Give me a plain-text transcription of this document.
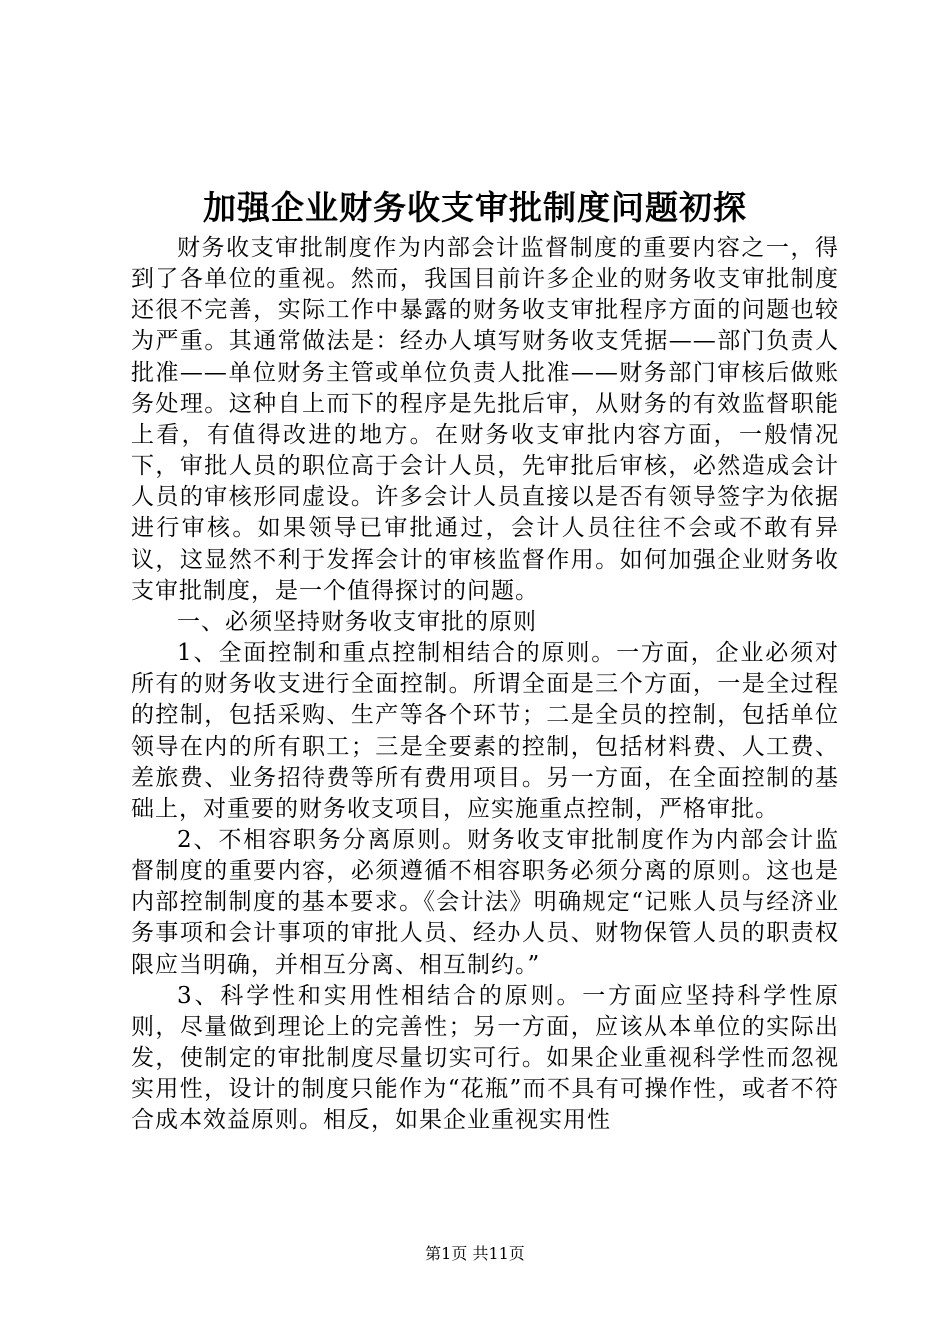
加强企业财务收支审批制度问题初探

财务收支审批制度作为内部会计监督制度的重要内容之一，得到了各单位的重视。然而，我国目前许多企业的财务收支审批制度还很不完善，实际工作中暴露的财务收支审批程序方面的问题也较为严重。其通常做法是：经办人填写财务收支凭据——部门负责人批准——单位财务主管或单位负责人批准——财务部门审核后做账务处理。这种自上而下的程序是先批后审，从财务的有效监督职能上看，有值得改进的地方。在财务收支审批内容方面，一般情况下，审批人员的职位高于会计人员，先审批后审核，必然造成会计人员的审核形同虚设。许多会计人员直接以是否有领导签字为依据进行审核。如果领导已审批通过，会计人员往往不会或不敢有异议，这显然不利于发挥会计的审核监督作用。如何加强企业财务收支审批制度，是一个值得探讨的问题。

一、必须坚持财务收支审批的原则

1、全面控制和重点控制相结合的原则。一方面，企业必须对所有的财务收支进行全面控制。所谓全面是三个方面，一是全过程的控制，包括采购、生产等各个环节；二是全员的控制，包括单位领导在内的所有职工；三是全要素的控制，包括材料费、人工费、差旅费、业务招待费等所有费用项目。另一方面，在全面控制的基础上，对重要的财务收支项目，应实施重点控制，严格审批。

2、不相容职务分离原则。财务收支审批制度作为内部会计监督制度的重要内容，必须遵循不相容职务必须分离的原则。这也是内部控制制度的基本要求。《会计法》明确规定“记账人员与经济业务事项和会计事项的审批人员、经办人员、财物保管人员的职责权限应当明确，并相互分离、相互制约。”

3、科学性和实用性相结合的原则。一方面应坚持科学性原则，尽量做到理论上的完善性；另一方面，应该从本单位的实际出发，使制定的审批制度尽量切实可行。如果企业重视科学性而忽视实用性，设计的制度只能作为“花瓶”而不具有可操作性，或者不符合成本效益原则。相反，如果企业重视实用性

第1页 共11页
